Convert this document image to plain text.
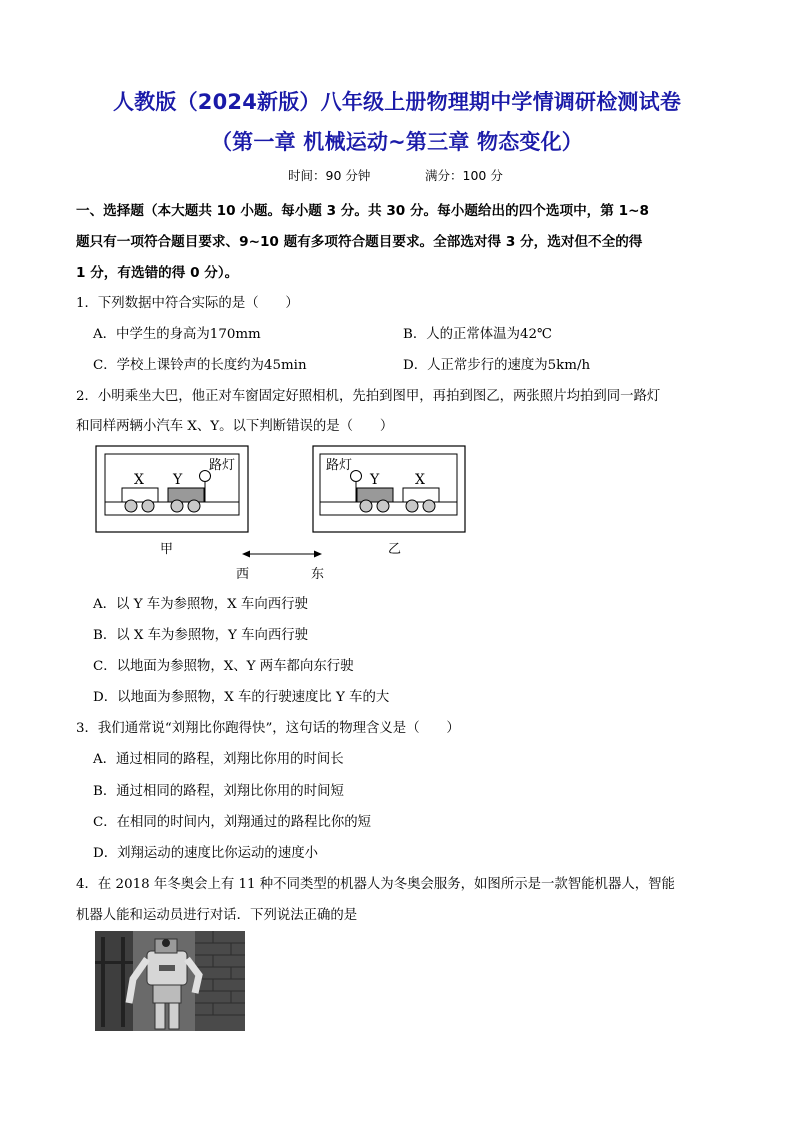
人教版（2024新版）八年级上册物理期中学情调研检测试卷
（第一章 机械运动~第三章 物态变化）
时间：90 分钟	满分：100 分
一、选择题（本大题共 10 小题。每小题 3 分。共 30 分。每小题给出的四个选项中，第 1~8
题只有一项符合题目要求、9~10 题有多项符合题目要求。全部选对得 3 分，选对但不全的得
1 分，有选错的得 0 分）。
1．下列数据中符合实际的是（　　）
A．中学生的身高为170mm	B．人的正常体温为42℃
C．学校上课铃声的长度约为45min	D．人正常步行的速度为5km/h
2．小明乘坐大巴，他正对车窗固定好照相机，先拍到图甲，再拍到图乙，两张照片均拍到同一路灯
和同样两辆小汽车 X、Y。以下判断错误的是（　　）
X Y
路灯
甲
路灯
Y	X
乙
西	东
A．以 Y 车为参照物，X 车向西行驶
B．以 X 车为参照物，Y 车向西行驶
C．以地面为参照物，X、Y 两车都向东行驶
D．以地面为参照物，X 车的行驶速度比 Y 车的大
3．我们通常说“刘翔比你跑得快”，这句话的物理含义是（　　）
A．通过相同的路程，刘翔比你用的时间长
B．通过相同的路程，刘翔比你用的时间短
C．在相同的时间内，刘翔通过的路程比你的短
D．刘翔运动的速度比你运动的速度小
4．在 2018 年冬奥会上有 11 种不同类型的机器人为冬奥会服务，如图所示是一款智能机器人，智能
机器人能和运动员进行对话．下列说法正确的是
